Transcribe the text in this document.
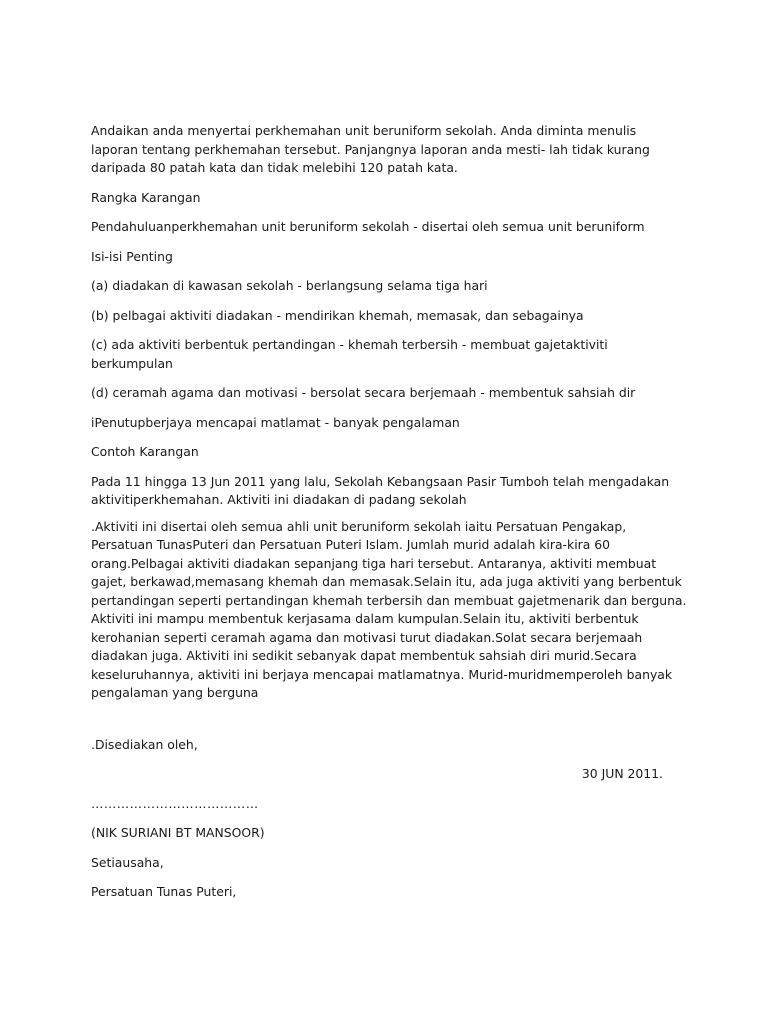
Andaikan anda menyertai perkhemahan unit beruniform sekolah. Anda diminta menulis laporan tentang perkhemahan tersebut. Panjangnya laporan anda mesti- lah tidak kurang daripada 80 patah kata dan tidak melebihi 120 patah kata.

Rangka Karangan

Pendahuluanperkhemahan unit beruniform sekolah - disertai oleh semua unit beruniform

Isi-isi Penting

(a) diadakan di kawasan sekolah - berlangsung selama tiga hari

(b) pelbagai aktiviti diadakan - mendirikan khemah, memasak, dan sebagainya

(c) ada aktiviti berbentuk pertandingan - khemah terbersih - membuat gajetaktiviti berkumpulan

(d) ceramah agama dan motivasi - bersolat secara berjemaah - membentuk sahsiah dir

iPenutupberjaya mencapai matlamat - banyak pengalaman

Contoh Karangan

Pada 11 hingga 13 Jun 2011 yang lalu, Sekolah Kebangsaan Pasir Tumboh telah mengadakan aktivitiperkhemahan. Aktiviti ini diadakan di padang sekolah

.Aktiviti ini disertai oleh semua ahli unit beruniform sekolah iaitu Persatuan Pengakap, Persatuan TunasPuteri dan Persatuan Puteri Islam. Jumlah murid adalah kira-kira 60 orang.Pelbagai aktiviti diadakan sepanjang tiga hari tersebut. Antaranya, aktiviti membuat gajet, berkawad,memasang khemah dan memasak.Selain itu, ada juga aktiviti yang berbentuk pertandingan seperti pertandingan khemah terbersih dan membuat gajetmenarik dan berguna. Aktiviti ini mampu membentuk kerjasama dalam kumpulan.Selain itu, aktiviti berbentuk kerohanian seperti ceramah agama dan motivasi turut diadakan.Solat secara berjemaah diadakan juga. Aktiviti ini sedikit sebanyak dapat membentuk sahsiah diri murid.Secara keseluruhannya, aktiviti ini berjaya mencapai matlamatnya. Murid-muridmemperoleh banyak pengalaman yang berguna

.Disediakan oleh,

30 JUN 2011.

…………………………………

(NIK SURIANI BT MANSOOR)

Setiausaha,

Persatuan Tunas Puteri,
